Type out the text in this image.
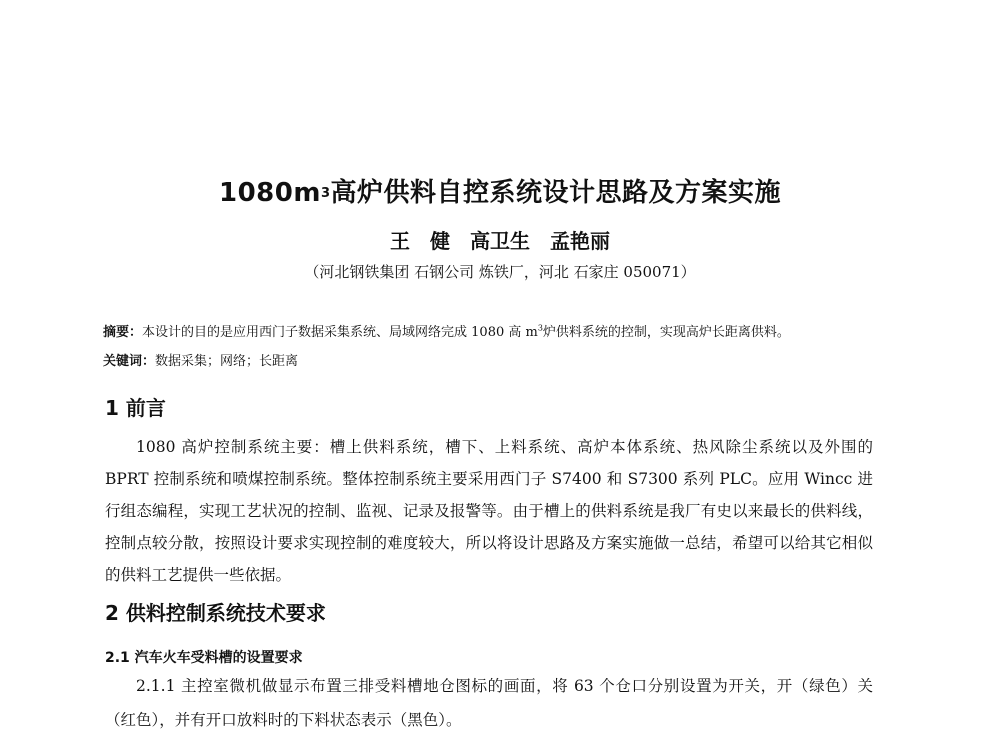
$1080m^3$高炉供料自控系统设计思路及方案实施
王　健　高卫生　孟艳丽
（河北钢铁集团 石钢公司 炼铁厂，河北 石家庄 050071）
摘要：本设计的目的是应用西门子数据采集系统、局域网络完成 1080 高 $m^3$炉供料系统的控制，实现高炉长距离供料。
关键词：数据采集；网络；长距离
1 前言
1080 高炉控制系统主要：槽上供料系统，槽下、上料系统、高炉本体系统、热风除尘系统以及外围的 BPRT 控制系统和喷煤控制系统。整体控制系统主要采用西门子 S7400 和 S7300 系列 PLC。应用 Wincc 进行组态编程，实现工艺状况的控制、监视、记录及报警等。由于槽上的供料系统是我厂有史以来最长的供料线，控制点较分散，按照设计要求实现控制的难度较大，所以将设计思路及方案实施做一总结，希望可以给其它相似的供料工艺提供一些依据。
2 供料控制系统技术要求
2.1 汽车火车受料槽的设置要求
2.1.1 主控室微机做显示布置三排受料槽地仓图标的画面，将 63 个仓口分别设置为开关，开（绿色）关（红色），并有开口放料时的下料状态表示（黑色）。
